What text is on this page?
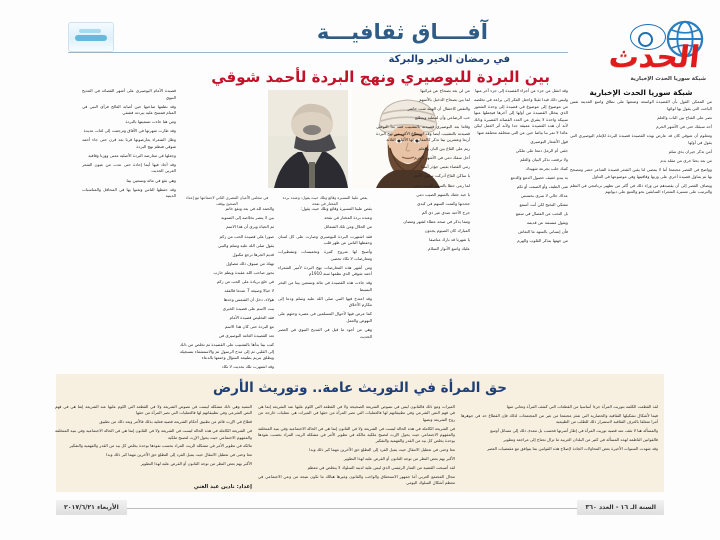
آفــــاق ثقافيـــة
الحدث
شبكة سوريا الحدث الإخبارية
في رمضان الخير والبركة
بين البردة للبوصيري ونهج البردة لأحمد شوقي
شبكة سوريا الحدث الإخبارية

من الممكن القول بأن القصيدة الواسعة وضعتها على نطاق واسع المدينة نفس الباحث التي يقول بها لوائها

نصر على الفتاح بين الباب والعلم

أحد سبقك حتى في الأشهر الحرم

ومعلوم أن شوقي كان قد عارض بهذه القصيدة قصيدة البردة للإمام البوصيري التي يقول في أولها

أمن تذكر جيران بذي سلم

من بعد بحثا جرى من مقلة بدم

وواضح في القصر مجتمعا أننا لا يمضي لنا يقين الشعر قصيدة الشاعر حضر ومصحح بها ثم يتناول قصيدة أخرى على وزنها وقافيتها وفي موضوعها في التناول

ويضاف القصر إلى أن يقصدهم من وراء ذلك في أكثر من تطهير برنامجي في النظم والترتيب على مسيرة الشعراء السابقين نحو والتتبع على ديوانهم

وقد انتقل من جزء عن أجزاء القصيدة إلى جزء آخر منها

وليس ذلك قيدا ثقيلا واجعل الفكر إلى براعة في تخلصه من موضوع إلى موضوع في قصيدة إلى وحدة الشعور الذي يتخلل القصيدة من أولها إلى آخرها فيجملها منها سبيكة واحدة لا يتفرق عن العدد القصائد القصيرة وذلك لأنه أن هذه القصيدة عميقة جدا ولأنه أثر العمل ليكن عائدا لا تمر بنا بياضا حين عن التي متخلقة محتلفة منها

قول الأشعار البوصيري

جئني أم الرمل دمعا على ملكي

ولا ترفعت تذكر البيان والعلم

كتبك حلب بجرعة شهيدك

به يبدو خفيف حصول الدمع والدمع

متى الطيف وأو الصمت أو تكم

عداك حالي لا سرى بحسنتي

مفتكي النجيح لكن أنت أسمع

بل النحب عن الفصال في سمع

ويقول منسمة عن قديمه

فأن إنساني بالسهد ما النعاش

من جهتها بتذكر القلوب والهرم

من لي بعد بصحاح عن غرائبها

لما بين بصحاح الدخيل بالأسهم

والتقص كاحتفال أن الهيئة شب حاضر

حب الرضاعي وأن لتبطية ويتطلع

وقاما بعد البوصيري قصيدته بالتشبيب فقد بدأ النوفلي قصيدته بالتشبيب أيضا وقد استطاع الألف من نهج البردة أربعا وعشرين بيتا تذكر كالمقارنة لها الآليات الثلاثة

ريم على القاع بين البان والعلم

أحل سفك دمي في الأشهر الحرم

رمي القضاء بعيني جؤذر أسدا

يا ساكن القاع أدركت ساكن الأجم

لما رمى حظا بالسهم الصيب دمي

يا جيد جئتك بالسهم الصيب دمي

جحدتها وكتمت السهم في كبدي

جرح الأحبة عندي غير ذي ألم

ومما يذكر في صحة عطاء لشهر ومضان

المبارك كان الصيوم يجدون

يا شهرنا قد بارك مناصفا

عليك واسع الأنوار السلام

يقص علينا المسيرة وقائع وتلك حيث يقول: وعنده بردة المختار في نفحة

يقص علينا المسيرة وقائع وتلك حيث يقول:

وعنده بردة المختار في نفحة

من الجلال ومن تلك الشمائل

فقد اشتهرت البردة للبوصيري وصارت على كل لسان وحفظها الناس عن ظهر قلب

وأصبح لها شروح كثيرة وتخميسات وتشطيرات ومعارضات لا تكاد تحصى

ومن أشهر هذه المعارضات نهج البردة لأمير الشعراء أحمد شوقي الذي نظمها سنة 1910م

وقد جاءت هذه القصيدة في مائة وتسعين بيتا من البحر البسيط

وقد امتدح فيها النبي صلى الله عليه وسلم ودعا إلى مكارم الأخلاق

كما عرض فيها لأحوال المسلمين في عصره وحثهم على النهوض والعمل

وهي من أجود ما قيل في المديح النبوي في العصر الحديث

في مجلس الأعيان المصري الثاني لاجتماعها مع إعداد الصحيح بوقف

والحمد لله في بعد ونفع خاتم

بين لا ينصر بخلاصه إلى الصنوية

ثم الحياة ويرى أن هذا الاسم

صورا على قصيدة الحب من زكم

يقول صلى الله عليه وسلم والنبي

قديم الجرها ترجع مكنول

تهتك من صيوف ذلك مصاول

يجوز صاحب الله عقيدة ويطم حارب

في خلع بريادة على الحب من زكم

لا خيالا وصيغة 7 عندما فالفقد

هولاء، دخل أن الشمس وحدها

يبت الاسم على قصيدة الخبرى

فقد التخليص قصيدة الأمام

مع البردة حتى كان هذا الاسم

تعد القصيدة العامة البوصيرى في

كتب بيتا بدأها بالتشبيب على القصيدة ثم تخلص من ذلك إلى القلبي ثم إلى مدح الرسول ثم والاستشفاء بتسجيلة ويطلق بتريم بطبيعة السؤال وختمها بالدعاء

وقد اشتهرت تلك بحديث لا تكاد

قصيدة الأمام البوصيرى على أشهر القصائد في المديح النبوي

وقد نظمها صاحبها حين أصابه الفالج فرأى النبي في المنام فمسح عليه ببردته فشفي

ومن هنا جاءت تسميتها بالبردة

وقد طارت شهرتها في الآفاق وترجمت إلى لغات عديدة

وظل الشعراء يعارضونها قرنا بعد قرن حتى جاء أحمد شوقي فنظم نهج البردة

وجعلها في معارضة البردة الأصلية معنى ووزنا وقافية

وقد أجاد فيها أيما إجادة حتى عدت من عيون الشعر العربي الحديث

وهي تقع في مائة وتسعين بيتا

وقد حفظها الناس وتغنوا بها في المحافل والمناسبات الدينية

حق المرأة في التوريث عامة.. وتوريث الأرض

لقد القطعت الكلمة بتوريث المرأة جزءا أساسيا من القطعات التي كشف المرأة وتعاني منها

فيما لأشكال تشكيلها الثقافية والحضارية التي شئز مجتمعا من غير من المجتمعات لذلك فإن القطاع حد في جوهرها أمرا متعلقا بالعرف الثقافية لاستمرار ذلك للطلب من الطبيعية

والمسألة هنا لا تقف عند قضية توريث المرأة في إطار أسرتها فحسب بل تتعدى ذلك إلى مسائل أوسع

فالقوانين الناظمة لهذه المسألة في كثير من البلدان العربية ما تزال تحتاج إلى مراجعة وتطوير

وقد شهدت السنوات الأخيرة بعض المحاولات الجادة لإصلاح هذه القوانين بما يتوافق مع مقتضيات العصر

الميراث ومع ذلك فالقانون ليس في نصوص الشريعة الصحيحة ولا في القطعة التي اللوم عليها عند الشريعة إنما هي في فهم النص الشرعي وفي تطبيقاتهم لها فالعمليات التي تصر المرأة من حقها في الميراث هي عمليات خارجة عن روح الشريعة ونصها

في الشريعة الكاملة في هذه الحالة ليست في الشريعة ولا في القانون إنما هي في الحالة الاجتماعية وفي بنية المتخلفة والمفهوم الاجتماعي حيث يحول الإرث لتصبح ملكية مالكه في تطوير الأمر في مشكلة الريث المراد بحسب نفوذها بوحدة يخلص كل بيد من القدر والفهمية والتفكير

معا وحتى في تعطيل الانتقال حيث يميل الفرد إلى التطلع حق الآخرين مهما كبر ذلك وبدا

الأكبر بهم بعض النظر من توجه القانون أو القرض عليه لهذا التطوير

لقد أصبحت القضية من المنار الرئيسي الذي ليس علية لدينة السلوك لا يتخلص في معظم

مجال المجتمع العربي أما جمهور الاستحقاق والواجب والقانون وغيرها هنالك ما تكون نتيجة من وعي الاجتماعي في معظم أشكال السلوك اليومي

التنمية وهي ذلك مشكلة ليست في نصوص الشريعة ولا في القطعة التي اللوم عليها عند الشريعة إنما هي في فهم النص الشرعي وفي تطبيقاتهم لها فالعمليات التي تصر المرأة من حقها

قطاع في الإرث قائم من تطبيق أحكام الشريعة قضية فعلية بذلك فالأمر وبعد ذلك من تطبيق

في الشريعة الكاملة في هذه الحالة ليست في الشريعة ولا في القانون إنما هي في الحالة الاجتماعية وفي بنية المتخلفة والمفهوم الاجتماعي حيث يحول الإرث لتصبح ملكية

مالكه في تطوير الأمر في مشكلة الريث المراد بحسب نفوذها بوحدة يخلص كل بيد من القدر والفهمية والتفكير

معا وحتى في تعطيل الانتقال حيث يميل الفرد إلى التطلع حق الآخرين مهما كبر ذلك وبدا

الأكبر بهم بعض النظر من توجه القانون أو القرض عليه لهذا التطوير

إعداد: نادين عبد الغني
السنة الـ ١٦ - العدد ٣٦٠
الأربعاء ٢٠١٧/٦/٢١
